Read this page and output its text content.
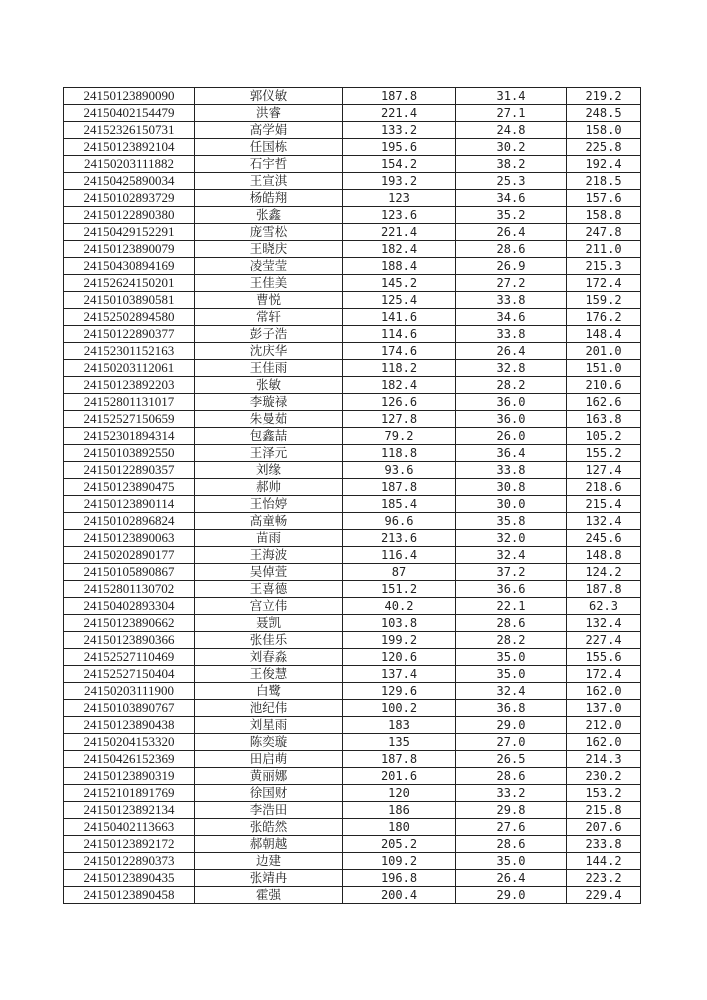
24150123890090	郭仪敏	187.8	31.4	219.2
24150402154479	洪睿	221.4	27.1	248.5
24152326150731	高学娟	133.2	24.8	158.0
24150123892104	任国栋	195.6	30.2	225.8
24150203111882	石宇哲	154.2	38.2	192.4
24150425890034	王宣淇	193.2	25.3	218.5
24150102893729	杨皓翔	123	34.6	157.6
24150122890380	张鑫	123.6	35.2	158.8
24150429152291	庞雪松	221.4	26.4	247.8
24150123890079	王晓庆	182.4	28.6	211.0
24150430894169	凌莹莹	188.4	26.9	215.3
24152624150201	王佳美	145.2	27.2	172.4
24150103890581	曹悦	125.4	33.8	159.2
24152502894580	常轩	141.6	34.6	176.2
24150122890377	彭子浩	114.6	33.8	148.4
24152301152163	沈庆华	174.6	26.4	201.0
24150203112061	王佳雨	118.2	32.8	151.0
24150123892203	张敏	182.4	28.2	210.6
24152801131017	李璇禄	126.6	36.0	162.6
24152527150659	朱曼茹	127.8	36.0	163.8
24152301894314	包鑫喆	79.2	26.0	105.2
24150103892550	王泽元	118.8	36.4	155.2
24150122890357	刘缘	93.6	33.8	127.4
24150123890475	郝帅	187.8	30.8	218.6
24150123890114	王怡婷	185.4	30.0	215.4
24150102896824	高童畅	96.6	35.8	132.4
24150123890063	苗雨	213.6	32.0	245.6
24150202890177	王海波	116.4	32.4	148.8
24150105890867	吴倬萱	87	37.2	124.2
24152801130702	王喜德	151.2	36.6	187.8
24150402893304	宫立伟	40.2	22.1	62.3
24150123890662	聂凯	103.8	28.6	132.4
24150123890366	张佳乐	199.2	28.2	227.4
24152527110469	刘春淼	120.6	35.0	155.6
24152527150404	王俊慧	137.4	35.0	172.4
24150203111900	白鹭	129.6	32.4	162.0
24150103890767	池纪伟	100.2	36.8	137.0
24150123890438	刘星雨	183	29.0	212.0
24150204153320	陈奕璇	135	27.0	162.0
24150426152369	田启萌	187.8	26.5	214.3
24150123890319	黄丽娜	201.6	28.6	230.2
24152101891769	徐国财	120	33.2	153.2
24150123892134	李浩田	186	29.8	215.8
24150402113663	张皓然	180	27.6	207.6
24150123892172	郝朝越	205.2	28.6	233.8
24150122890373	边建	109.2	35.0	144.2
24150123890435	张靖冉	196.8	26.4	223.2
24150123890458	霍强	200.4	29.0	229.4
